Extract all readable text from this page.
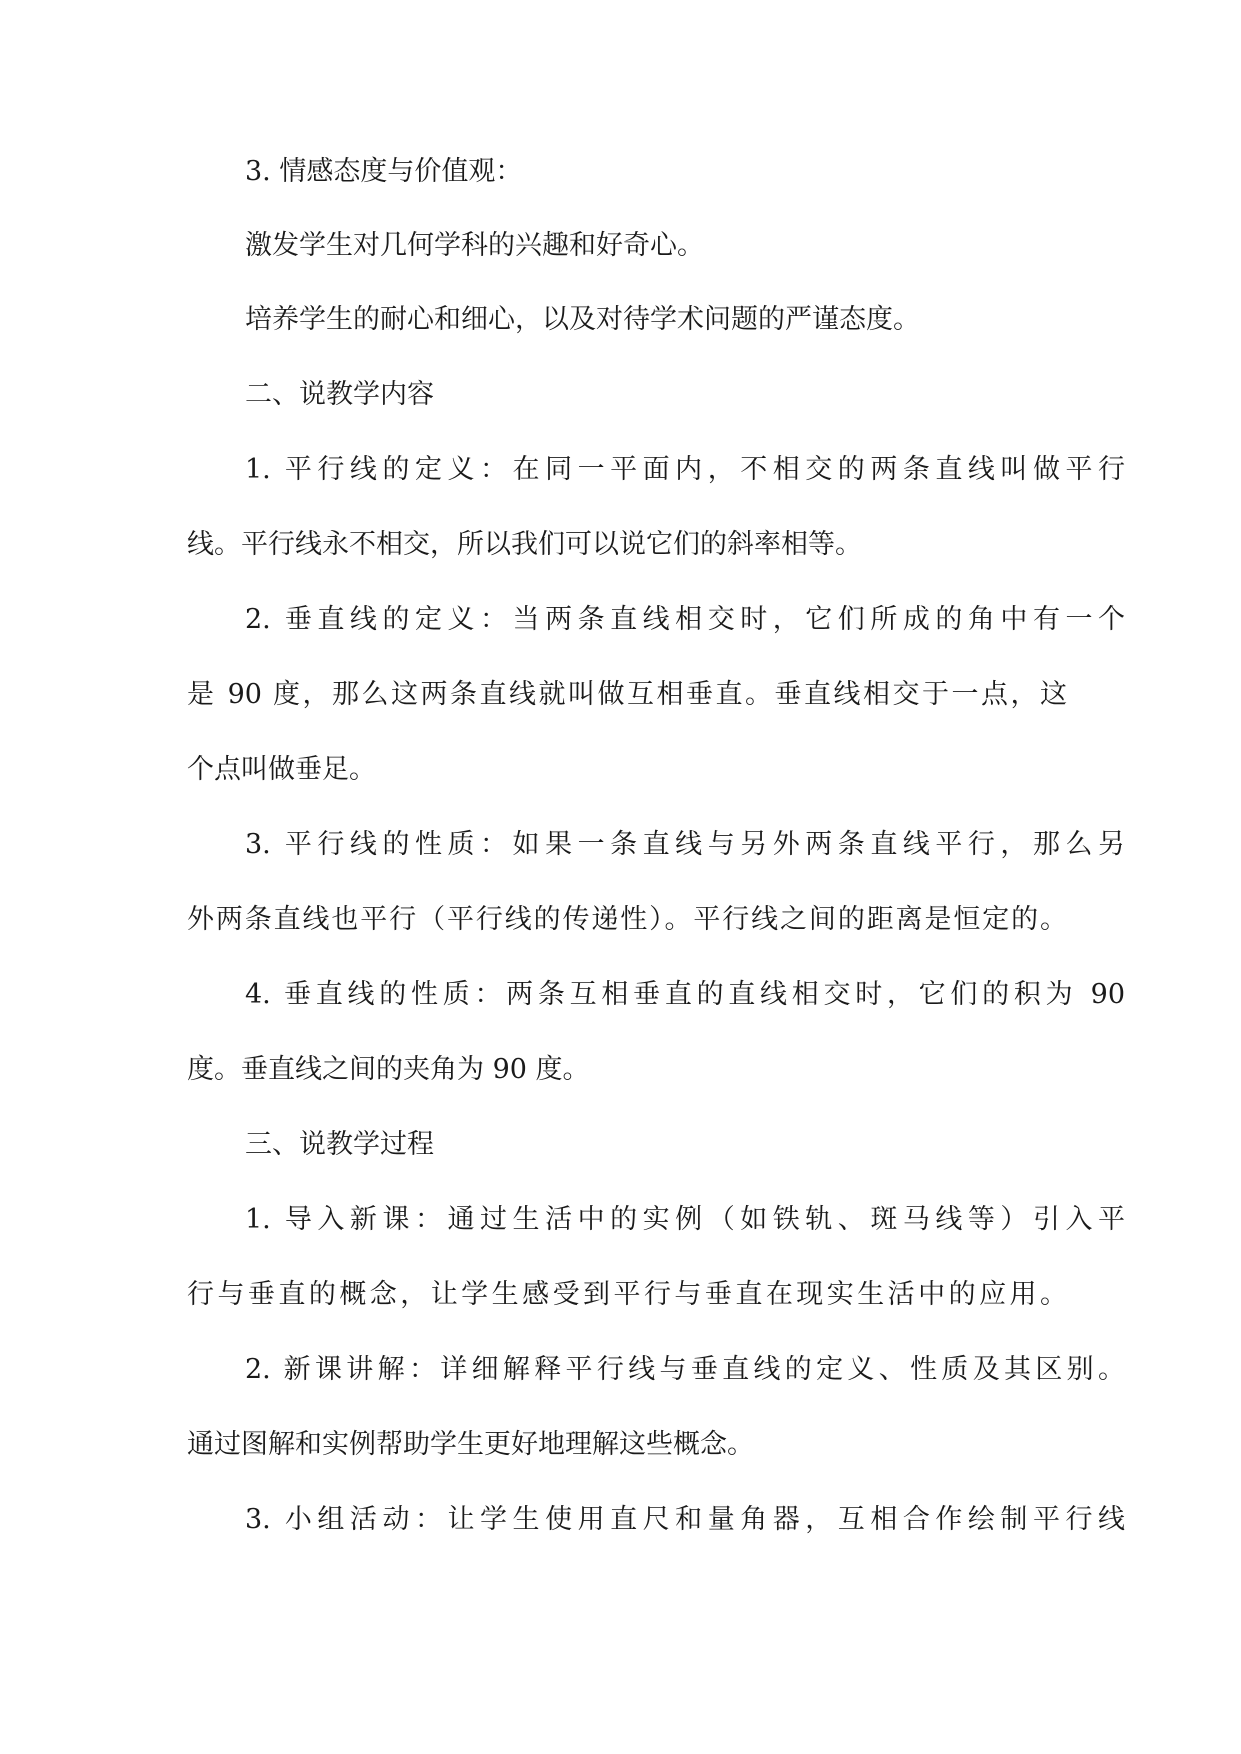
3. 情感态度与价值观：

激发学生对几何学科的兴趣和好奇心。

培养学生的耐心和细心，以及对待学术问题的严谨态度。

二、说教学内容

1. 平行线的定义：在同一平面内，不相交的两条直线叫做平行

线。平行线永不相交，所以我们可以说它们的斜率相等。

2. 垂直线的定义：当两条直线相交时，它们所成的角中有一个

是 90 度，那么这两条直线就叫做互相垂直。垂直线相交于一点，这

个点叫做垂足。

3. 平行线的性质：如果一条直线与另外两条直线平行，那么另

外两条直线也平行（平行线的传递性）。平行线之间的距离是恒定的。

4. 垂直线的性质：两条互相垂直的直线相交时，它们的积为 90

度。垂直线之间的夹角为 90 度。

三、说教学过程

1. 导入新课：通过生活中的实例（如铁轨、斑马线等）引入平

行与垂直的概念，让学生感受到平行与垂直在现实生活中的应用。

2. 新课讲解：详细解释平行线与垂直线的定义、性质及其区别。

通过图解和实例帮助学生更好地理解这些概念。

3. 小组活动：让学生使用直尺和量角器，互相合作绘制平行线
